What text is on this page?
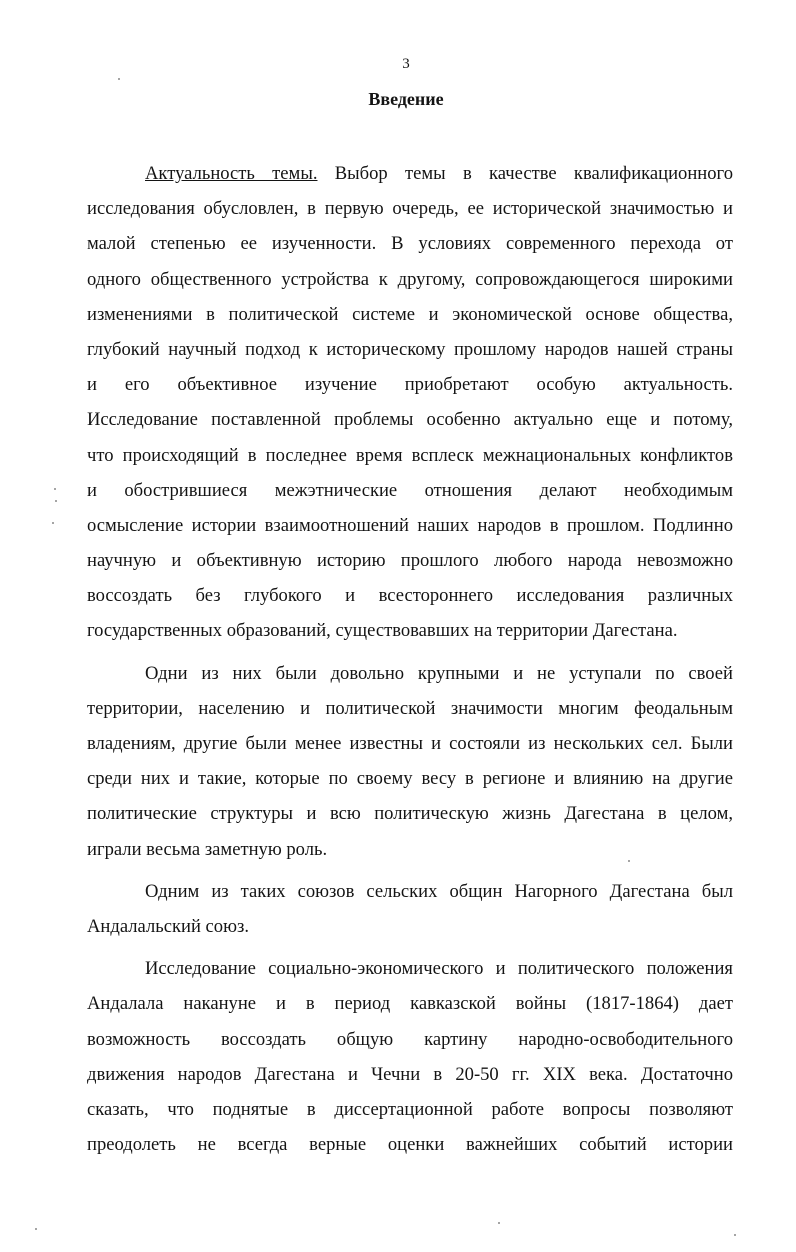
3
Введение
Актуальность темы. Выбор темы в качестве квалификационного
исследования обусловлен, в первую очередь, ее исторической значимостью и
малой степенью ее изученности. В условиях современного перехода от
одного общественного устройства к другому, сопровождающегося широкими
изменениями в политической системе и экономической основе общества,
глубокий научный подход к историческому прошлому народов нашей страны
и его объективное изучение приобретают особую актуальность.
Исследование поставленной проблемы особенно актуально еще и потому,
что происходящий в последнее время всплеск межнациональных конфликтов
и обострившиеся межэтнические отношения делают необходимым
осмысление истории взаимоотношений наших народов в прошлом. Подлинно
научную и объективную историю прошлого любого народа невозможно
воссоздать без глубокого и всестороннего исследования различных
государственных образований, существовавших на территории Дагестана.
Одни из них были довольно крупными и не уступали по своей
территории, населению и политической значимости многим феодальным
владениям, другие были менее известны и состояли из нескольких сел. Были
среди них и такие, которые по своему весу в регионе и влиянию на другие
политические структуры и всю политическую жизнь Дагестана в целом,
играли весьма заметную роль.
Одним из таких союзов сельских общин Нагорного Дагестана был
Андалальский союз.
Исследование социально-экономического и политического положения
Андалала накануне и в период кавказской войны (1817-1864) дает
возможность воссоздать общую картину народно-освободительного
движения народов Дагестана и Чечни в 20-50 гг. XIX века. Достаточно
сказать, что поднятые в диссертационной работе вопросы позволяют
преодолеть не всегда верные оценки важнейших событий истории
